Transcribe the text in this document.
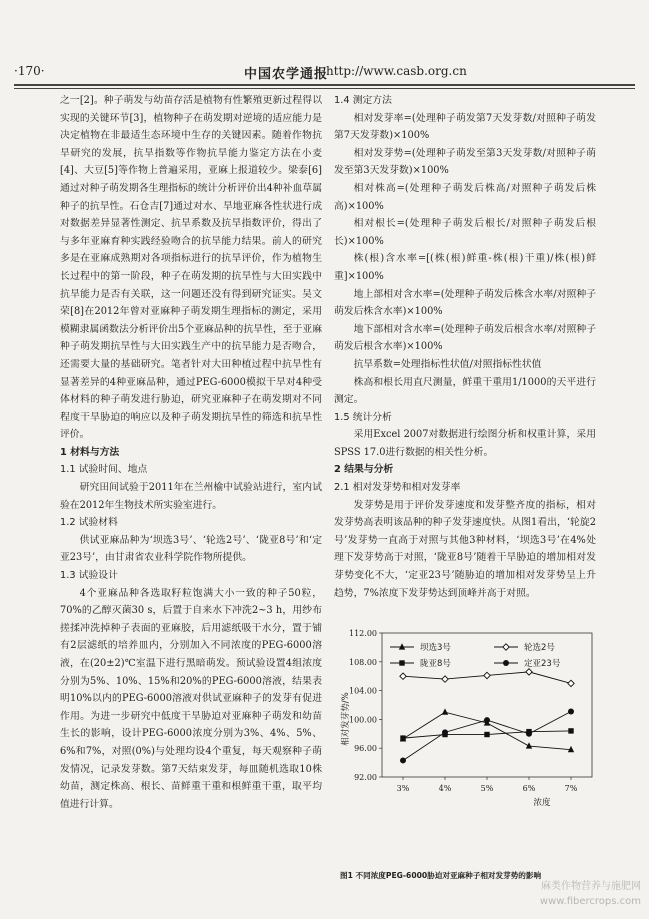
·170·	中国农学通报
http://www.casb.org.cn

之一[2]。种子萌发与幼苗存活是植物有性繁殖更新过程得以实现的关键环节[3]，植物种子在萌发期对逆境的适应能力是决定植物在非最适生态环境中生存的关键因素。随着作物抗旱研究的发展，抗旱指数等作物抗旱能力鉴定方法在小麦[4]、大豆[5]等作物上普遍采用，亚麻上报道较少。梁泰[6]通过对种子萌发期各生理指标的统计分析评价出4种补血草属种子的抗旱性。石仓吉[7]通过对水、旱地亚麻各性状进行成对数据差异显著性测定、抗旱系数及抗旱指数评价，得出了与多年亚麻育种实践经验吻合的抗旱能力结果。前人的研究多是在亚麻成熟期对各项指标进行的抗旱评价，作为植物生长过程中的第一阶段，种子在萌发期的抗旱性与大田实践中抗旱能力是否有关联，这一问题还没有得到研究证实。吴文荣[8]在2012年曾对亚麻种子萌发期生理指标的测定，采用模糊隶属函数法分析评价出5个亚麻品种的抗旱性，至于亚麻种子萌发期抗旱性与大田实践生产中的抗旱能力是否吻合，还需要大量的基础研究。笔者针对大田种植过程中抗旱性有显著差异的4种亚麻品种，通过PEG-6000模拟干旱对4种受体材料的种子萌发进行胁迫，研究亚麻种子在萌发期对不同程度干旱胁迫的响应以及种子萌发期抗旱性的筛选和抗旱性评价。

1 材料与方法

1.1 试验时间、地点

研究田间试验于2011年在兰州榆中试验站进行，室内试验在2012年生物技术所实验室进行。

1.2 试验材料

供试亚麻品种为‘坝选3号’、‘轮选2号’、‘陇亚8号’和‘定亚23号’，由甘肃省农业科学院作物所提供。

1.3 试验设计

4个亚麻品种各选取籽粒饱满大小一致的种子50粒，70%的乙醇灭菌30 s，后置于自来水下冲洗2~3 h，用纱布搓揉冲洗掉种子表面的亚麻胶，后用滤纸吸干水分，置于铺有2层滤纸的培养皿内，分别加入不同浓度的PEG-6000溶液，在(20±2)℃室温下进行黑暗萌发。预试验设置4组浓度分别为5%、10%、15%和20%的PEG-6000溶液，结果表明10%以内的PEG-6000溶液对供试亚麻种子的发芽有促进作用。为进一步研究中低度干旱胁迫对亚麻种子萌发和幼苗生长的影响，设计PEG-6000浓度分别为3%、4%、5%、6%和7%，对照(0%)与处理均设4个重复，每天观察种子萌发情况，记录发芽数。第7天结束发芽，每皿随机选取10株幼苗，测定株高、根长、苗鲜重干重和根鲜重干重，取平均值进行计算。

1.4 测定方法

相对发芽率=(处理种子萌发第7天发芽数/对照种子萌发第7天发芽数)×100%

相对发芽势=(处理种子萌发至第3天发芽数/对照种子萌发至第3天发芽数)×100%

相对株高=(处理种子萌发后株高/对照种子萌发后株高)×100%

相对根长=(处理种子萌发后根长/对照种子萌发后根长)×100%

株(根)含水率=[(株(根)鲜重-株(根)干重)/株(根)鲜重]×100%

地上部相对含水率=(处理种子萌发后株含水率/对照种子萌发后株含水率)×100%

地下部相对含水率=(处理种子萌发后根含水率/对照种子萌发后根含水率)×100%

抗旱系数=处理指标性状值/对照指标性状值

株高和根长用直尺测量，鲜重干重用1/1000的天平进行测定。

1.5 统计分析

采用Excel 2007对数据进行绘图分析和权重计算，采用SPSS 17.0进行数据的相关性分析。

2 结果与分析

2.1 相对发芽势和相对发芽率

发芽势是用于评价发芽速度和发芽整齐度的指标，相对发芽势高表明该品种的种子发芽速度快。从图1看出，‘轮旋2号’发芽势一直高于对照与其他3种材料，‘坝选3号’在4%处理下发芽势高于对照，‘陇亚8号’随着干旱胁迫的增加相对发芽势变化不大，‘定亚23号’随胁迫的增加相对发芽势呈上升趋势，7%浓度下发芽势达到顶峰并高于对照。

92.00
96.00
100.00
104.00
108.00
112.00
3%	4%	5%	6%	7%
浓度
相对发芽势/%
坝选3号	轮选2号
陇亚8号	定亚23号
图1 不同浓度PEG-6000胁迫对亚麻种子相对发芽势的影响
麻类作物营养与施肥网
www.fibercrops.com
